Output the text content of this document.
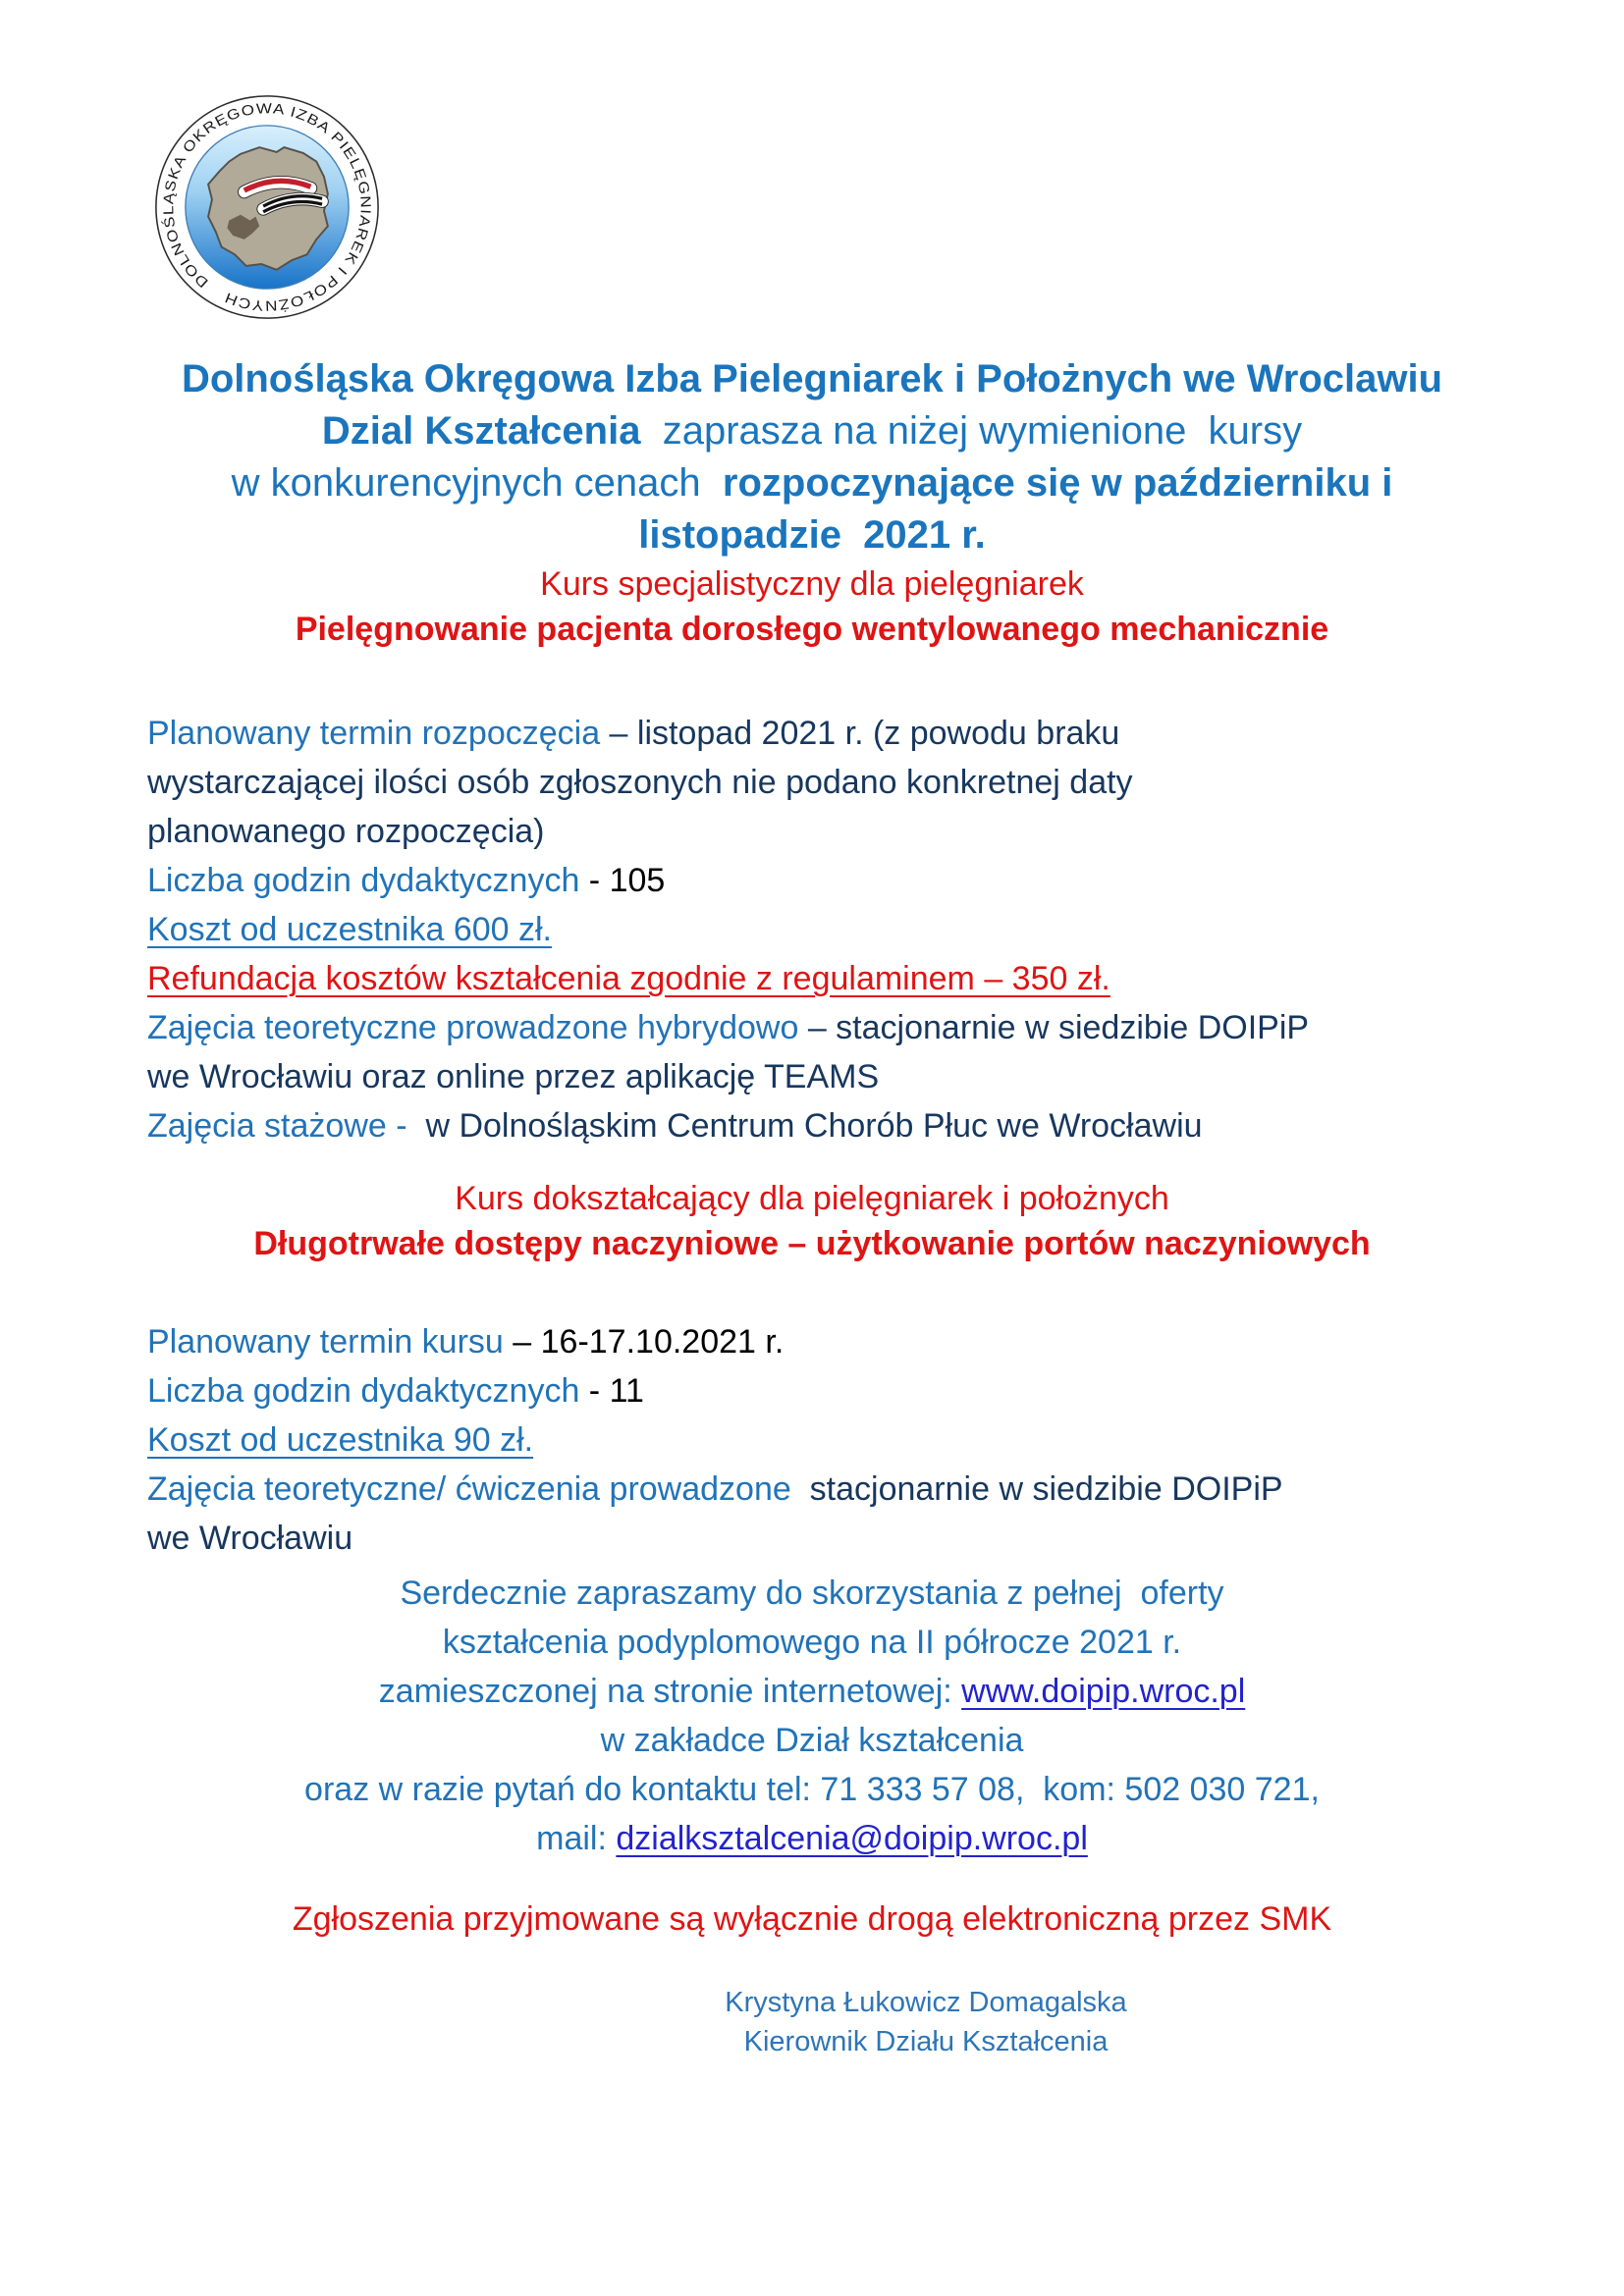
DOLNOŚLĄSKA OKRĘGOWA IZBA PIELĘGNIAREK I POŁOŻNYCH
Dolnośląska Okręgowa Izba Pielegniarek i Położnych we Wroclawiu
Dzial Kształcenia  zaprasza na niżej wymienione  kursy
w konkurencyjnych cenach  rozpoczynające się w październiku i
listopadzie  2021 r.
Kurs specjalistyczny dla pielęgniarek
Pielęgnowanie pacjenta dorosłego wentylowanego mechanicznie
Planowany termin rozpoczęcia – listopad 2021 r. (z powodu braku
wystarczającej ilości osób zgłoszonych nie podano konkretnej daty
planowanego rozpoczęcia)
Liczba godzin dydaktycznych - 105
Koszt od uczestnika 600 zł.
Refundacja kosztów kształcenia zgodnie z regulaminem – 350 zł.
Zajęcia teoretyczne prowadzone hybrydowo – stacjonarnie w siedzibie DOIPiP
we Wrocławiu oraz online przez aplikację TEAMS
Zajęcia stażowe -  w Dolnośląskim Centrum Chorób Płuc we Wrocławiu
Kurs dokształcający dla pielęgniarek i położnych
Długotrwałe dostępy naczyniowe – użytkowanie portów naczyniowych
Planowany termin kursu – 16-17.10.2021 r.
Liczba godzin dydaktycznych - 11
Koszt od uczestnika 90 zł.
Zajęcia teoretyczne/ ćwiczenia prowadzone  stacjonarnie w siedzibie DOIPiP
we Wrocławiu
Serdecznie zapraszamy do skorzystania z pełnej  oferty
kształcenia podyplomowego na II półrocze 2021 r.
zamieszczonej na stronie internetowej: www.doipip.wroc.pl
w zakładce Dział kształcenia
oraz w razie pytań do kontaktu tel: 71 333 57 08,  kom: 502 030 721,
mail: dzialksztalcenia@doipip.wroc.pl
Zgłoszenia przyjmowane są wyłącznie drogą elektroniczną przez SMK
Krystyna Łukowicz Domagalska
Kierownik Działu Kształcenia
